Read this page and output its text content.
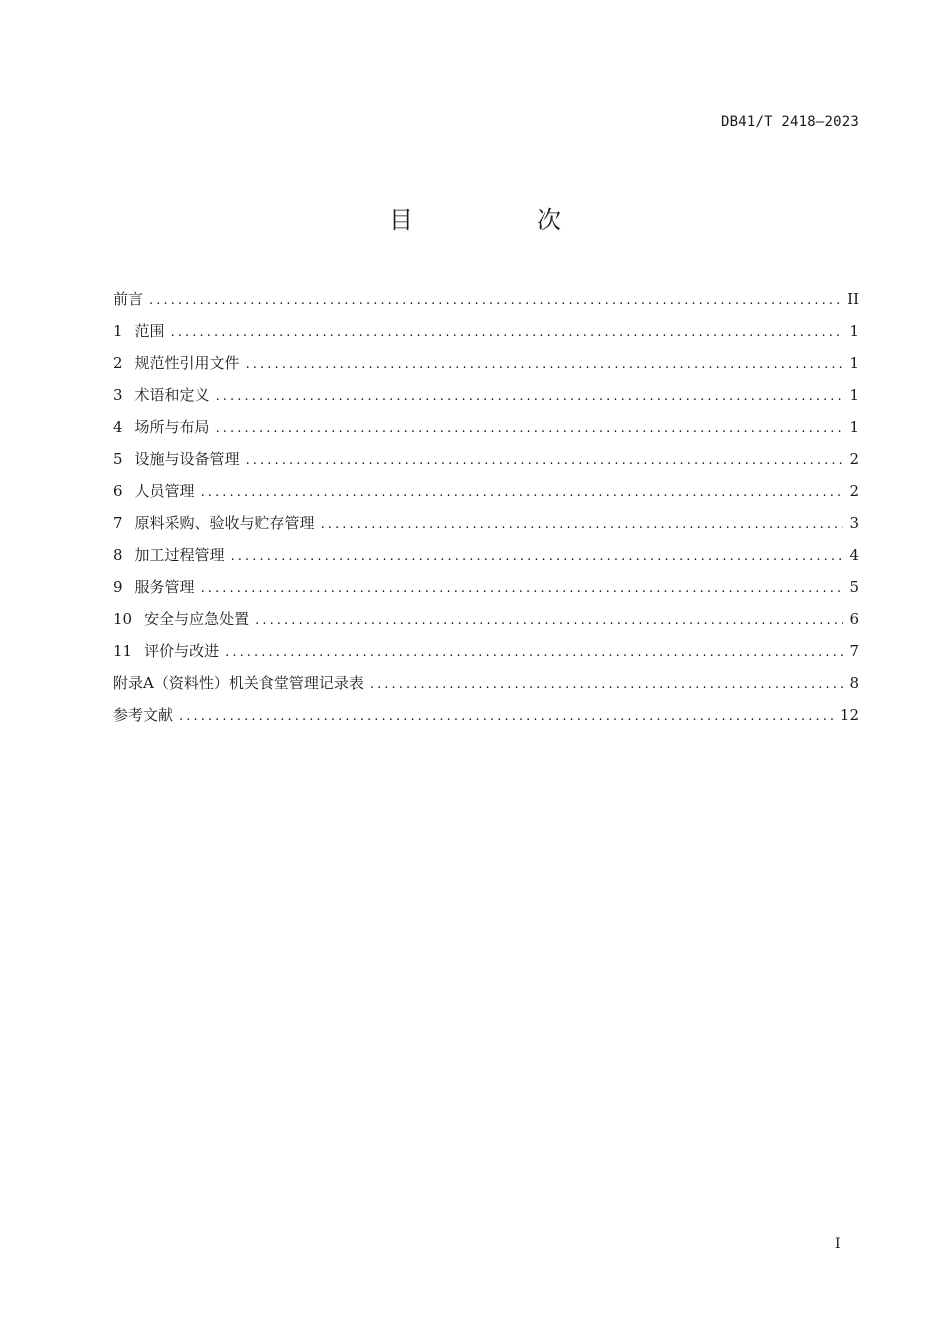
DB41/T 2418—2023
目　次
前言 .....	II
1 范围 .....	1
2 规范性引用文件 .....	1
3 术语和定义 .....	1
4 场所与布局 .....	1
5 设施与设备管理 .....	2
6 人员管理 .....	2
7 原料采购、验收与贮存管理 .....	3
8 加工过程管理 .....	4
9 服务管理 .....	5
10 安全与应急处置 .....	6
11 评价与改进 .....	7
附录A（资料性）机关食堂管理记录表 .....	8
参考文献 .....	12
I
